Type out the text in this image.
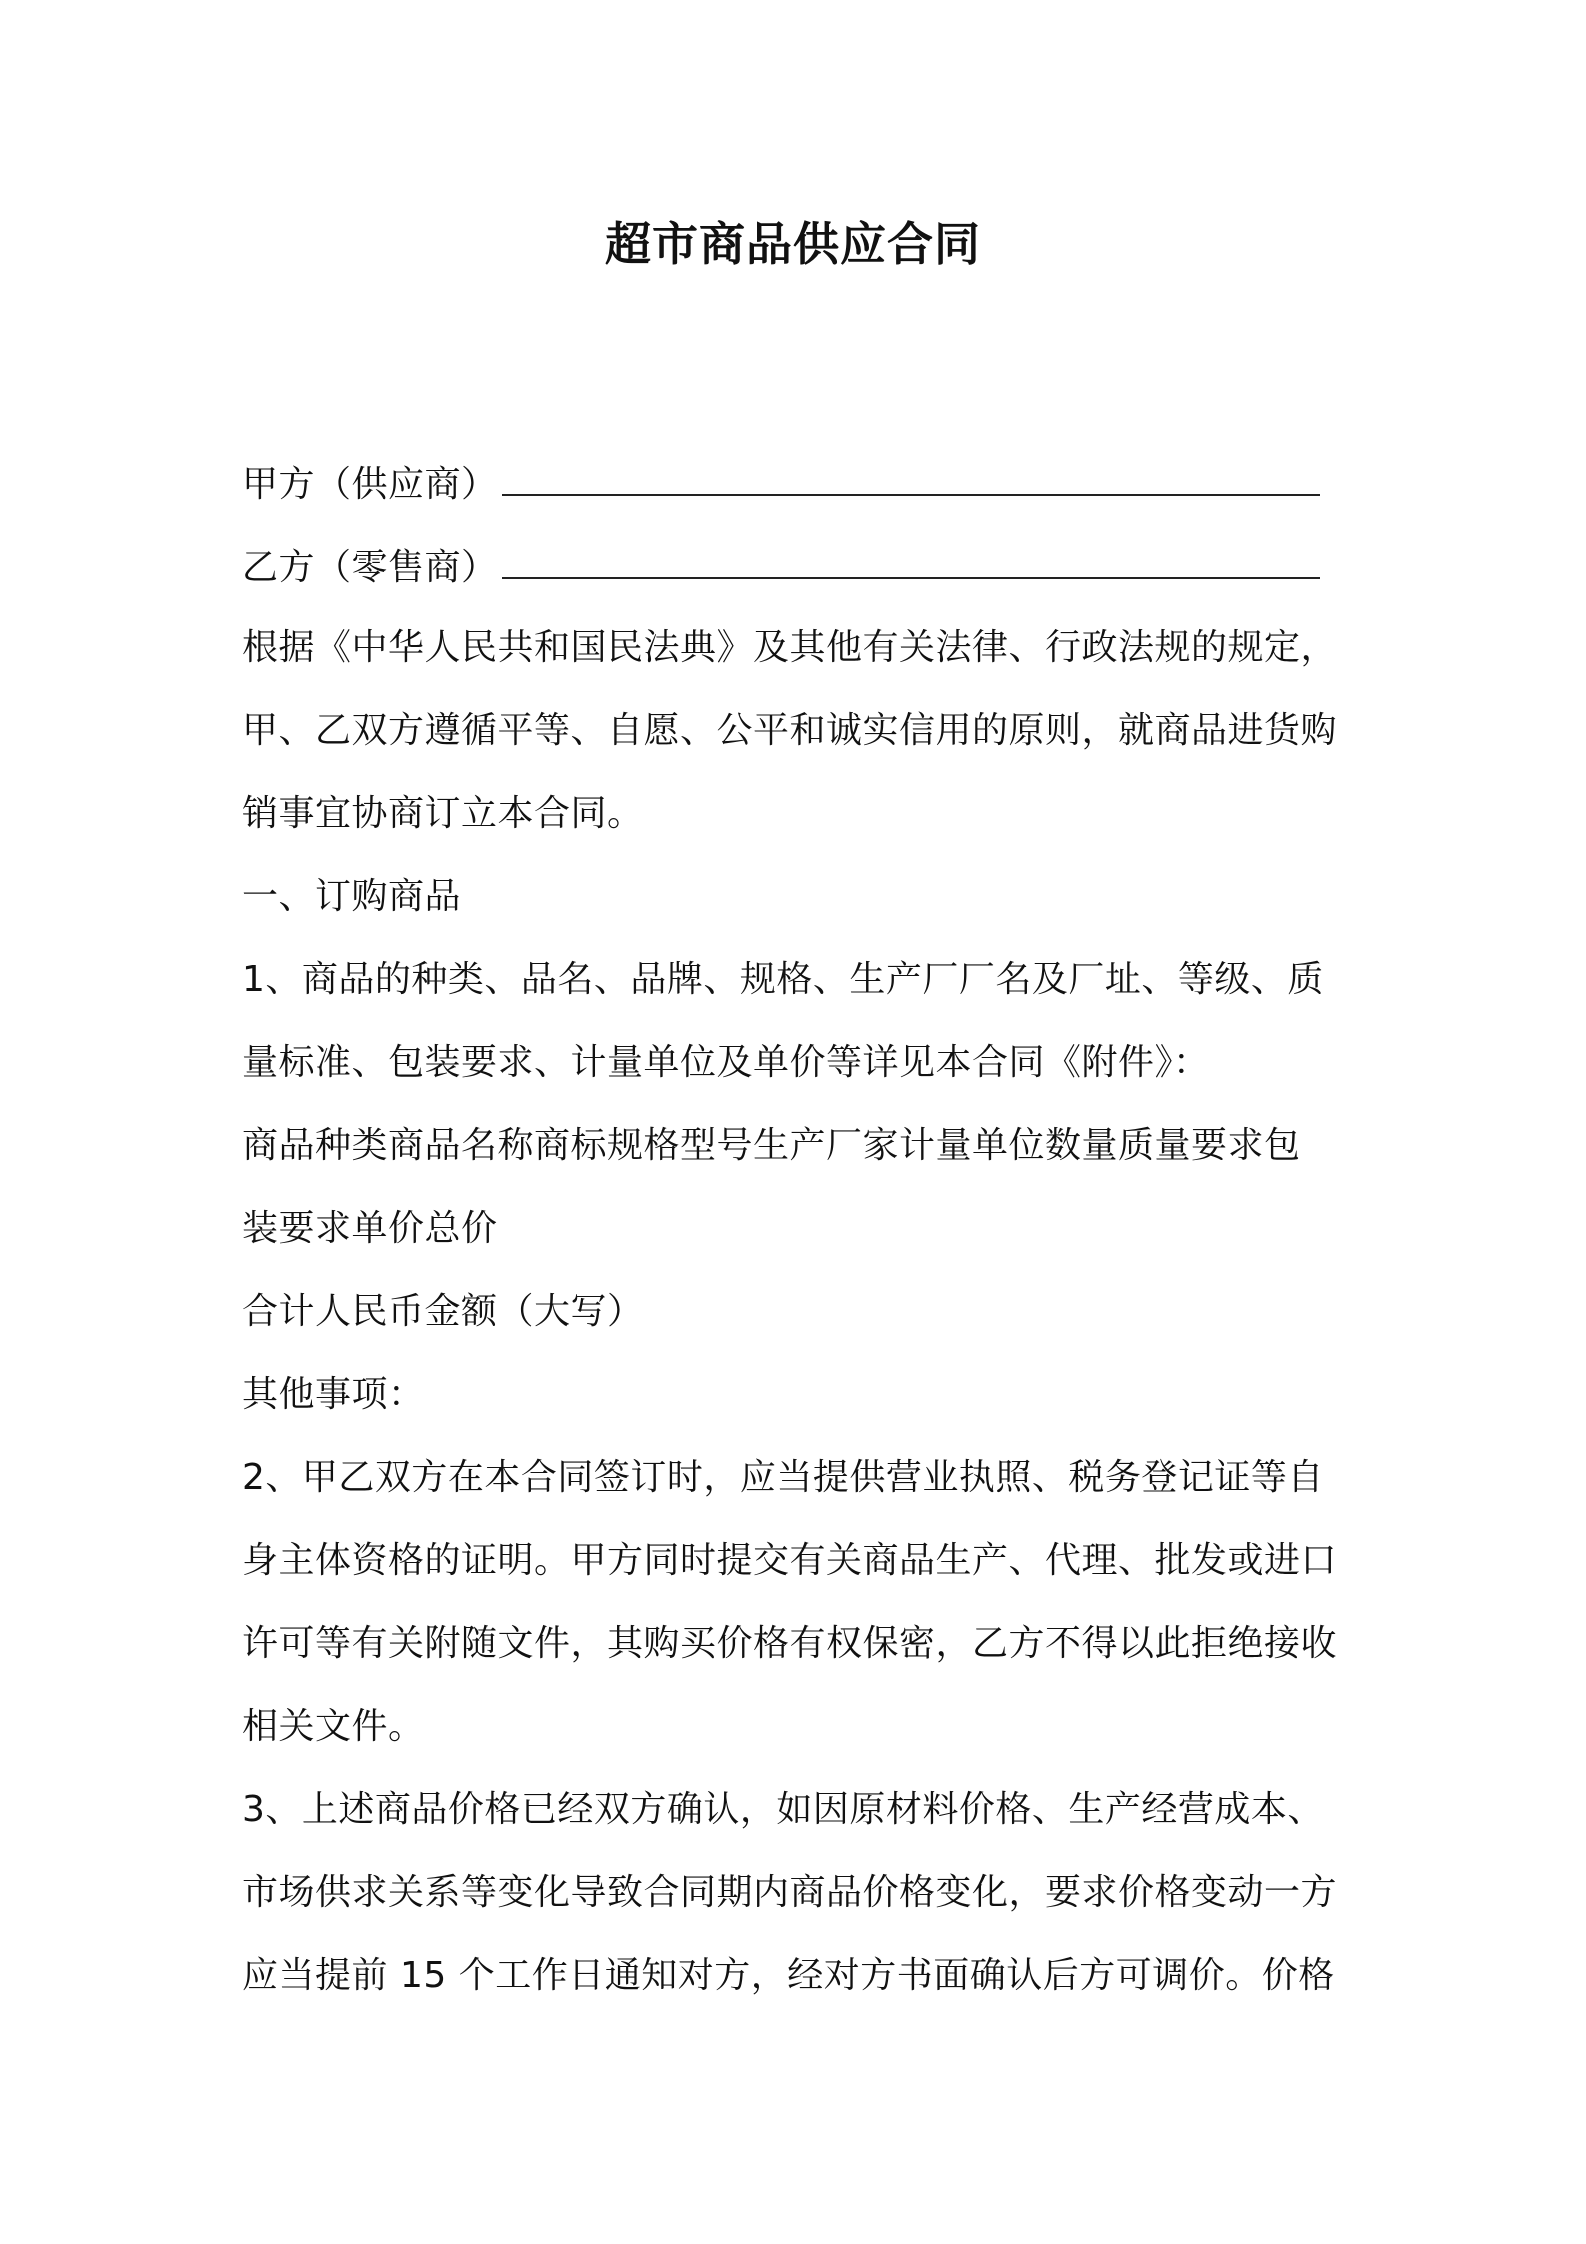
超市商品供应合同
甲方（供应商）
乙方（零售商）
根据《中华人民共和国民法典》及其他有关法律、行政法规的规定，
甲、乙双方遵循平等、自愿、公平和诚实信用的原则，就商品进货购
销事宜协商订立本合同。
一、订购商品
1、商品的种类、品名、品牌、规格、生产厂厂名及厂址、等级、质
量标准、包装要求、计量单位及单价等详见本合同《附件》：
商品种类商品名称商标规格型号生产厂家计量单位数量质量要求包
装要求单价总价
合计人民币金额（大写）
其他事项：
2、甲乙双方在本合同签订时，应当提供营业执照、税务登记证等自
身主体资格的证明。甲方同时提交有关商品生产、代理、批发或进口
许可等有关附随文件，其购买价格有权保密，乙方不得以此拒绝接收
相关文件。
3、上述商品价格已经双方确认，如因原材料价格、生产经营成本、
市场供求关系等变化导致合同期内商品价格变化，要求价格变动一方
应当提前 15 个工作日通知对方，经对方书面确认后方可调价。价格
